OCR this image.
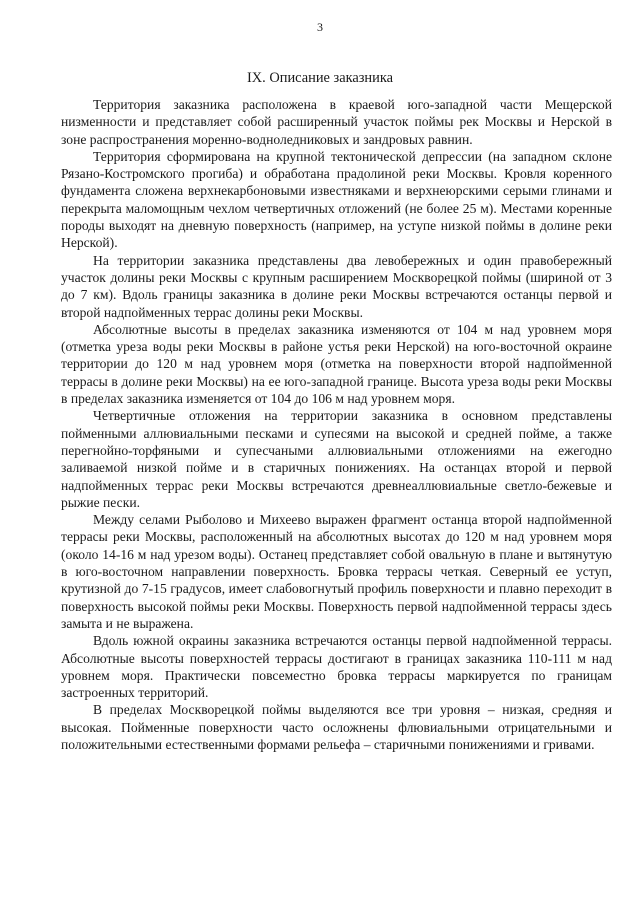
3
IX. Описание заказника

Территория заказника расположена в краевой юго-западной части Мещерской низменности и представляет собой расширенный участок поймы рек Москвы и Нерской в зоне распространения моренно-водноледниковых и зандровых равнин.

Территория сформирована на крупной тектонической депрессии (на западном склоне Рязано-Костромского прогиба) и обработана прадолиной реки Москвы. Кровля коренного фундамента сложена верхнекарбоновыми известняками и верхнеюрскими серыми глинами и перекрыта маломощным чехлом четвертичных отложений (не более 25 м). Местами коренные породы выходят на дневную поверхность (например, на уступе низкой поймы в долине реки Нерской).

На территории заказника представлены два левобережных и один правобережный участок долины реки Москвы с крупным расширением Москворецкой поймы (шириной от 3 до 7 км). Вдоль границы заказника в долине реки Москвы встречаются останцы первой и второй надпойменных террас долины реки Москвы.

Абсолютные высоты в пределах заказника изменяются от 104 м над уровнем моря (отметка уреза воды реки Москвы в районе устья реки Нерской) на юго-восточной окраине территории до 120 м над уровнем моря (отметка на поверхности второй надпойменной террасы в долине реки Москвы) на ее юго-западной границе. Высота уреза воды реки Москвы в пределах заказника изменяется от 104 до 106 м над уровнем моря.

Четвертичные отложения на территории заказника в основном представлены пойменными аллювиальными песками и супесями на высокой и средней пойме, а также перегнойно-торфяными и супесчаными аллювиальными отложениями на ежегодно заливаемой низкой пойме и в старичных понижениях. На останцах второй и первой надпойменных террас реки Москвы встречаются древнеаллювиальные светло-бежевые и рыжие пески.

Между селами Рыболово и Михеево выражен фрагмент останца второй надпойменной террасы реки Москвы, расположенный на абсолютных высотах до 120 м над уровнем моря (около 14-16 м над урезом воды). Останец представляет собой овальную в плане и вытянутую в юго-восточном направлении поверхность. Бровка террасы четкая. Северный ее уступ, крутизной до 7-15 градусов, имеет слабовогнутый профиль поверхности и плавно переходит в поверхность высокой поймы реки Москвы. Поверхность первой надпойменной террасы здесь замыта и не выражена.

Вдоль южной окраины заказника встречаются останцы первой надпойменной террасы. Абсолютные высоты поверхностей террасы достигают в границах заказника 110-111 м над уровнем моря. Практически повсеместно бровка террасы маркируется по границам застроенных территорий.

В пределах Москворецкой поймы выделяются все три уровня – низкая, средняя и высокая. Пойменные поверхности часто осложнены флювиальными отрицательными и положительными естественными формами рельефа – старичными понижениями и гривами.
